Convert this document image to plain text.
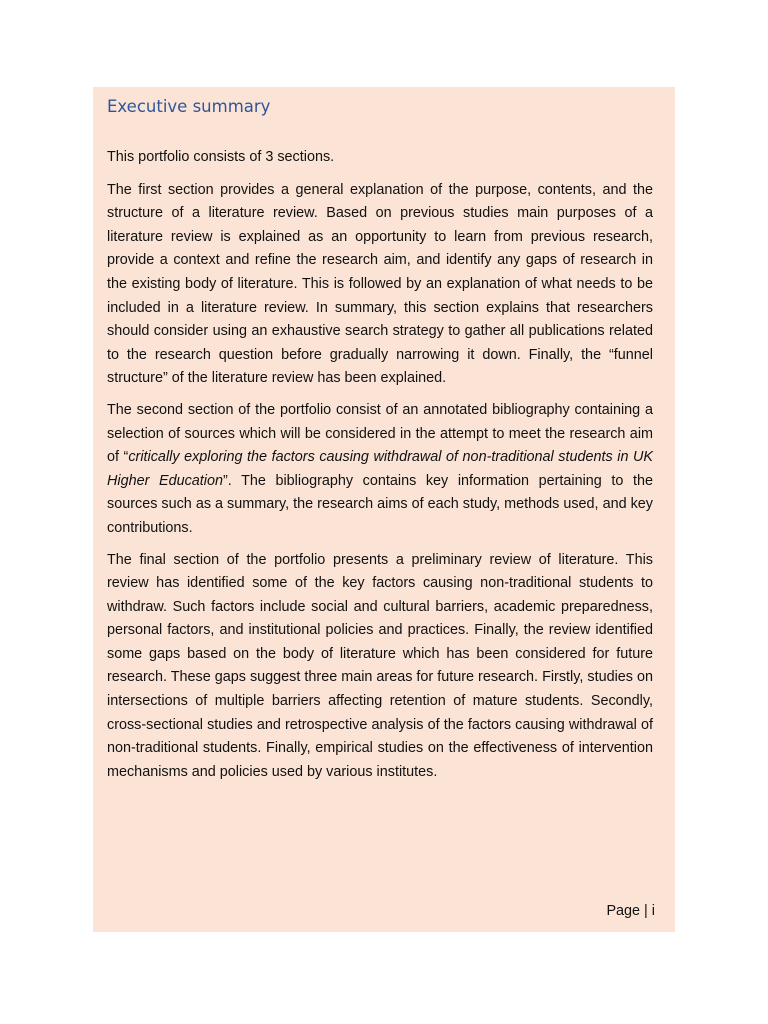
Executive summary

This portfolio consists of 3 sections.

The first section provides a general explanation of the purpose, contents, and the structure of a literature review. Based on previous studies main purposes of a literature review is explained as an opportunity to learn from previous research, provide a context and refine the research aim, and identify any gaps of research in the existing body of literature. This is followed by an explanation of what needs to be included in a literature review. In summary, this section explains that researchers should consider using an exhaustive search strategy to gather all publications related to the research question before gradually narrowing it down. Finally, the “funnel structure” of the literature review has been explained.

The second section of the portfolio consist of an annotated bibliography containing a selection of sources which will be considered in the attempt to meet the research aim of “critically exploring the factors causing withdrawal of non-traditional students in UK Higher Education”. The bibliography contains key information pertaining to the sources such as a summary, the research aims of each study, methods used, and key contributions.

The final section of the portfolio presents a preliminary review of literature. This review has identified some of the key factors causing non-traditional students to withdraw. Such factors include social and cultural barriers, academic preparedness, personal factors, and institutional policies and practices. Finally, the review identified some gaps based on the body of literature which has been considered for future research. These gaps suggest three main areas for future research. Firstly, studies on intersections of multiple barriers affecting retention of mature students. Secondly, cross-sectional studies and retrospective analysis of the factors causing withdrawal of non-traditional students. Finally, empirical studies on the effectiveness of intervention mechanisms and policies used by various institutes.

Page | i
